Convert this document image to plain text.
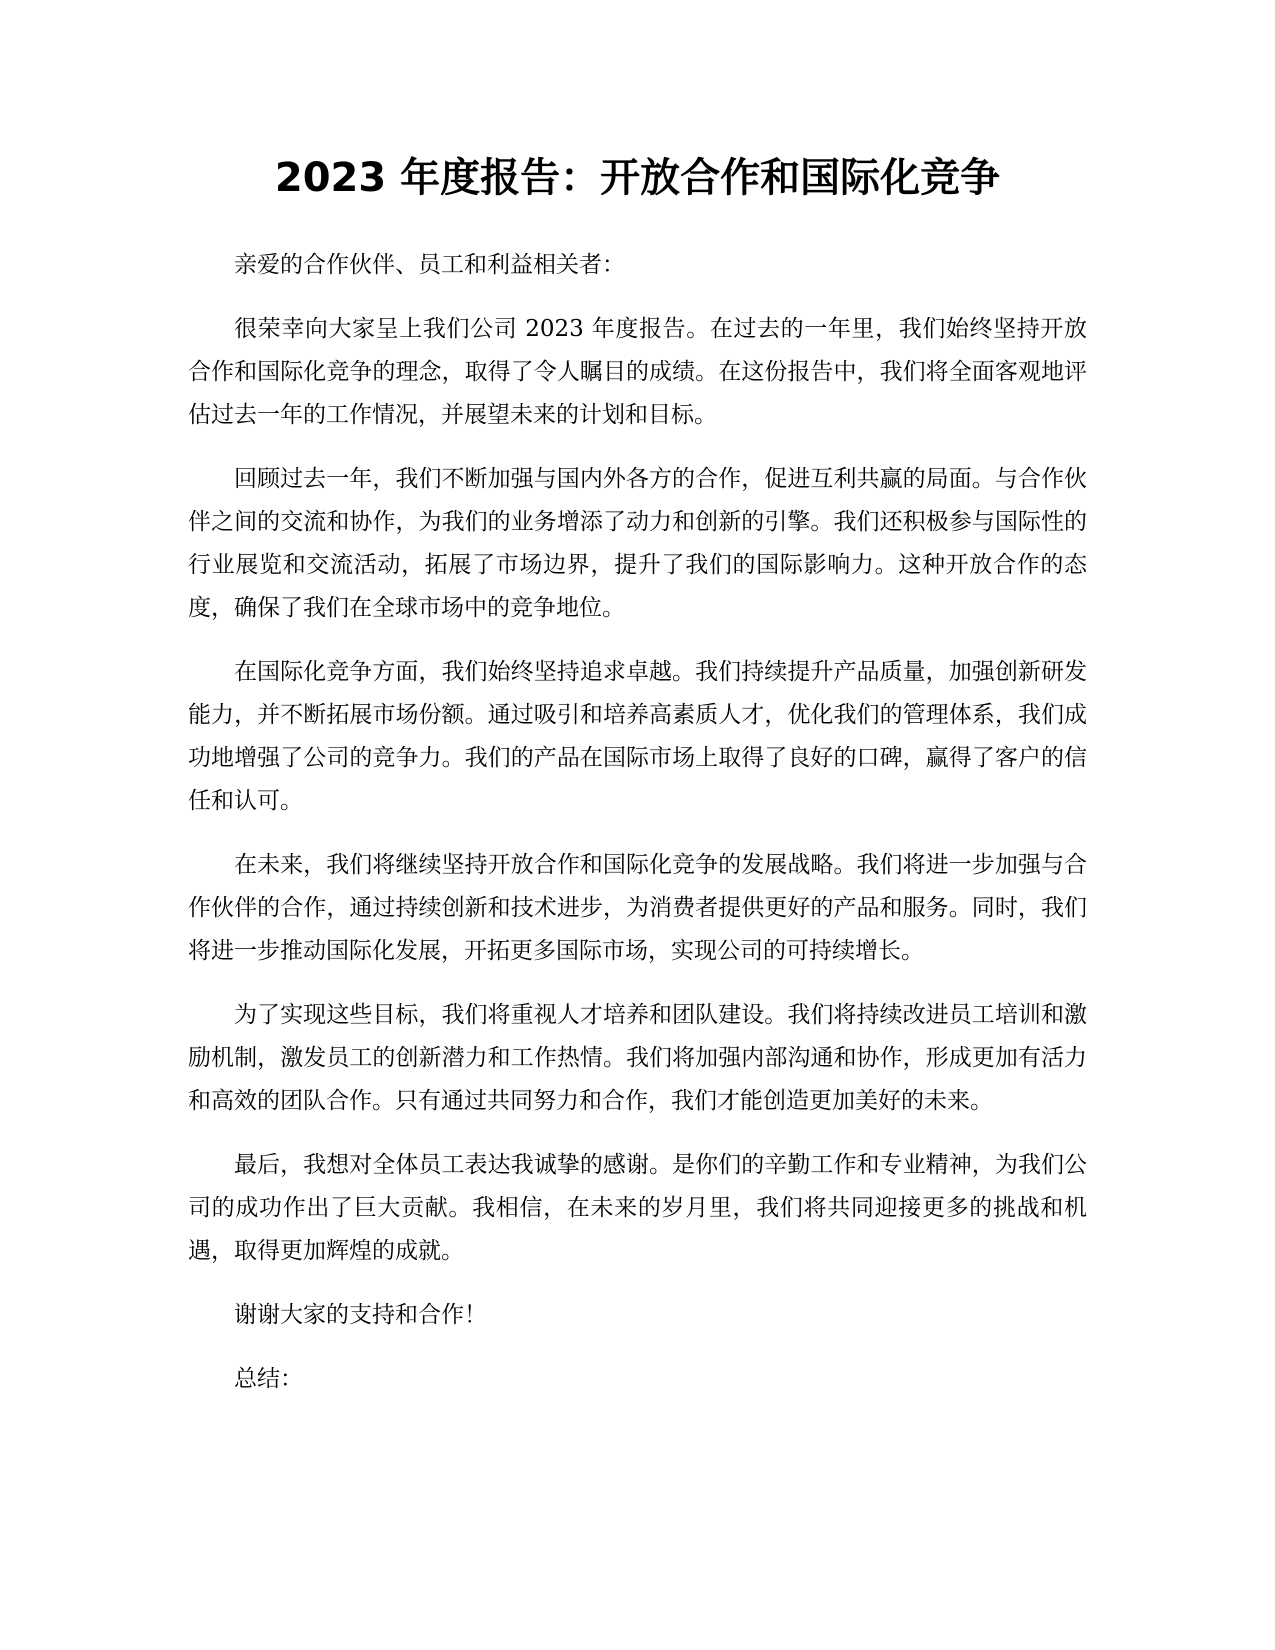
2023 年度报告：开放合作和国际化竞争

亲爱的合作伙伴、员工和利益相关者：

很荣幸向大家呈上我们公司 2023 年度报告。在过去的一年里，我们始终坚持开放合作和国际化竞争的理念，取得了令人瞩目的成绩。在这份报告中，我们将全面客观地评估过去一年的工作情况，并展望未来的计划和目标。

回顾过去一年，我们不断加强与国内外各方的合作，促进互利共赢的局面。与合作伙伴之间的交流和协作，为我们的业务增添了动力和创新的引擎。我们还积极参与国际性的行业展览和交流活动，拓展了市场边界，提升了我们的国际影响力。这种开放合作的态度，确保了我们在全球市场中的竞争地位。

在国际化竞争方面，我们始终坚持追求卓越。我们持续提升产品质量，加强创新研发能力，并不断拓展市场份额。通过吸引和培养高素质人才，优化我们的管理体系，我们成功地增强了公司的竞争力。我们的产品在国际市场上取得了良好的口碑，赢得了客户的信任和认可。

在未来，我们将继续坚持开放合作和国际化竞争的发展战略。我们将进一步加强与合作伙伴的合作，通过持续创新和技术进步，为消费者提供更好的产品和服务。同时，我们将进一步推动国际化发展，开拓更多国际市场，实现公司的可持续增长。

为了实现这些目标，我们将重视人才培养和团队建设。我们将持续改进员工培训和激励机制，激发员工的创新潜力和工作热情。我们将加强内部沟通和协作，形成更加有活力和高效的团队合作。只有通过共同努力和合作，我们才能创造更加美好的未来。

最后，我想对全体员工表达我诚挚的感谢。是你们的辛勤工作和专业精神，为我们公司的成功作出了巨大贡献。我相信，在未来的岁月里，我们将共同迎接更多的挑战和机遇，取得更加辉煌的成就。

谢谢大家的支持和合作！

总结：
